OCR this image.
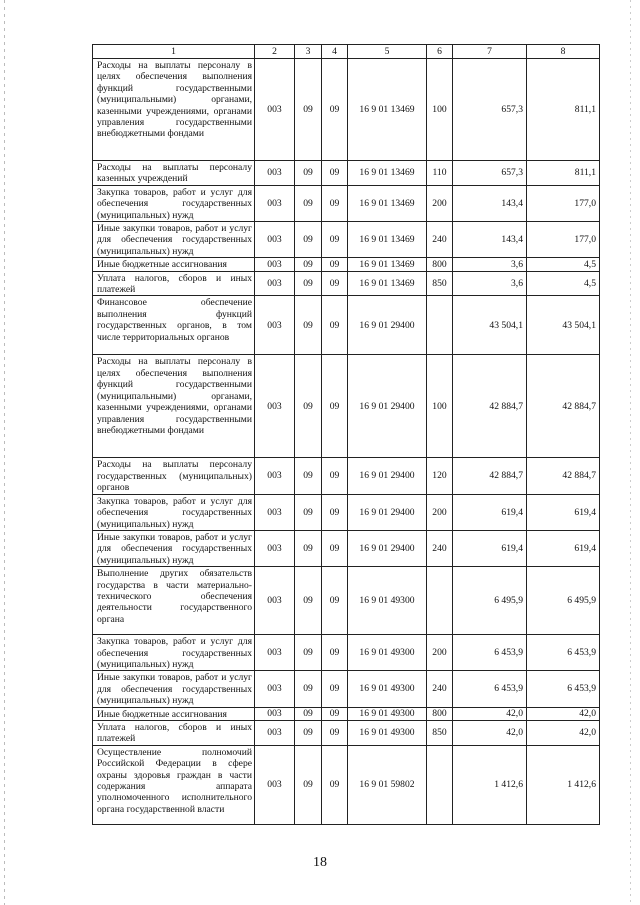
1	2	3	4	5	6	7	8
Расходы на выплаты персоналу в целях обеспечения выполнения функций государственными (муниципальными) органами, казенными учреждениями, органами управления государственными внебюджетными фондами	003	09	09	16 9 01 13469	100	657,3	811,1
Расходы на выплаты персоналу казенных учреждений	003	09	09	16 9 01 13469	110	657,3	811,1
Закупка товаров, работ и услуг для обеспечения государственных (муниципальных) нужд	003	09	09	16 9 01 13469	200	143,4	177,0
Иные закупки товаров, работ и услуг для обеспечения государственных (муниципальных) нужд	003	09	09	16 9 01 13469	240	143,4	177,0
Иные бюджетные ассигнования	003	09	09	16 9 01 13469	800	3,6	4,5
Уплата налогов, сборов и иных платежей	003	09	09	16 9 01 13469	850	3,6	4,5
Финансовое обеспечение выполнения функций государственных органов, в том числе территориальных органов	003	09	09	16 9 01 29400		43 504,1	43 504,1
Расходы на выплаты персоналу в целях обеспечения выполнения функций государственными (муниципальными) органами, казенными учреждениями, органами управления государственными внебюджетными фондами	003	09	09	16 9 01 29400	100	42 884,7	42 884,7
Расходы на выплаты персоналу государственных (муниципальных) органов	003	09	09	16 9 01 29400	120	42 884,7	42 884,7
Закупка товаров, работ и услуг для обеспечения государственных (муниципальных) нужд	003	09	09	16 9 01 29400	200	619,4	619,4
Иные закупки товаров, работ и услуг для обеспечения государственных (муниципальных) нужд	003	09	09	16 9 01 29400	240	619,4	619,4
Выполнение других обязательств государства в части материально-технического обеспечения деятельности государственного органа	003	09	09	16 9 01 49300		6 495,9	6 495,9
Закупка товаров, работ и услуг для обеспечения государственных (муниципальных) нужд	003	09	09	16 9 01 49300	200	6 453,9	6 453,9
Иные закупки товаров, работ и услуг для обеспечения государственных (муниципальных) нужд	003	09	09	16 9 01 49300	240	6 453,9	6 453,9
Иные бюджетные ассигнования	003	09	09	16 9 01 49300	800	42,0	42,0
Уплата налогов, сборов и иных платежей	003	09	09	16 9 01 49300	850	42,0	42,0
Осуществление полномочий Российской Федерации в сфере охраны здоровья граждан в части содержания аппарата уполномоченного исполнительного органа государственной власти	003	09	09	16 9 01 59802		1 412,6	1 412,6
18
